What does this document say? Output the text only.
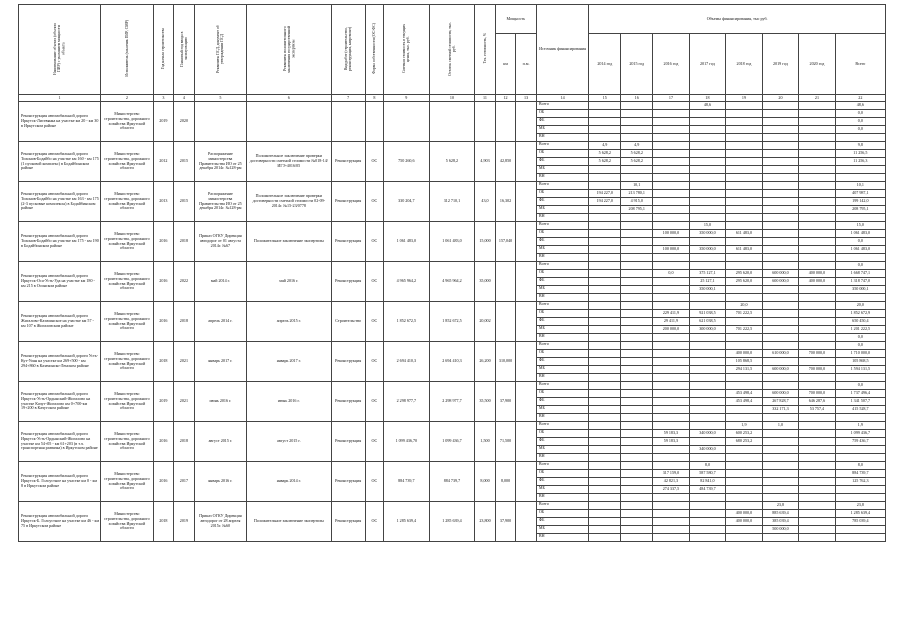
Наименование объекта (объекта ПИР) с указанием мощности объекта	Исполнитель (заказчик ПИР, СМР)	Год начала строительства	Плановый год ввода в эксплуатацию	Реквизиты ПСД, документ об утверждении ПСД	Реквизиты положительного заключения государственной экспертизы	Вид работ (строительство, реконструкция, капремонт)	Форма собственности (ОС/ФС)	Сметная стоимость в текущих ценах, тыс. руб.	Остаток сметной стоимости, тыс. руб.	Тех. готовность, %	Мощность		Источник финансирования	Объемы финансирования, тыс руб.							
											км	п.м.		2014 год	2015 год	2016 год	2017 год	2018 год	2019 год	2020 год	Всего
1	2	3	4	5	6	7	8	9	10	11	12	13	14	15	16	17	18	19	20	21	22
Реконструкция автомобильной дороги Иркутск-Листвянка на участке км 20 - км 30 в Иркутском районе	Министерство строительства, дорожного хозяйства Иркутской области	2019	2020										Всего				48,6				48,6
													ОБ								0,0
													ФБ								0,0
													МБ								0,0
													ВН								
Реконструкция автомобильной дороги Тихонов-Бодайбо на участке км 160 - км 175 (1 пусковой комплекс) в Бодайбинском районе	Министерство строительства, дорожного хозяйства Иркутской области	2012	2015	Распоряжение министерства Правительства ИО от 25 декабря 2014г. №128-рм	Положительное заключение проверки достоверности сметной стоимости №018-14/ИГЭ-4016/05	Реконструкция	ОС	750 260,6	5 628,2	4,903	42,850		Всего	4,9	4,9						9,8
													ОБ	5 628,2	5 628,2						11 256,5
													ФБ	5 628,2	5 628,2						11 256,3
													МБ								
													ВН								
Реконструкция автомобильной дороги Тихонов-Бодайбо на участке км 163 - км 175 (2-3 пусковые комплексы) в Бодайбинском районе	Министерство строительства, дорожного хозяйства Иркутской области	2013	2015	Распоряжение министерства Правительства ИО от 25 декабря 2014г. №128-рм	Положительное заключение проверки достоверности сметной стоимости 02-09-2014г. №15-23/0778	Реконструкция	ОС	330 204,7	312 710,1	43,0	16,302		Всего		10,1						10,1
													ОБ	194 227,0	213 780,1						407 987,1
													ФБ	194 227,0	4 915,0						199 142,0
													МБ		208 795,1						208 795,1
													ВН								
Реконструкция автомобильной дороги Тихонов-Бодайбо на участке км 175 - км 190 в Бодайбинском районе	Министерство строительства, дорожного хозяйства Иркутской области	2016	2018	Приказ ОГКУ Дирекция автодорог от 01 августа 2014г. №67	Положительное заключение экспертизы	Реконструкция	ОС	1 061 483,0	1 061 483,0	15,000	157,040		Всего				15,0				15,0
													ОБ			100 000,0	350 000,0	611 483,0			1 061 483,0
													ФБ								0,0
													МБ			100 000,0	350 000,0	611 483,0			1 061 483,0
													ВН								
Реконструкция автомобильной дороги Иркутск-Оса-Усть-Уда на участке км 180 - км 215 в Осинском районе	Министерство строительства, дорожного хозяйства Иркутской области	2016	2022	май 2014 г.	май 2016 г.	Реконструкция	ОС	4 965 964,2	4 965 964,2	35,000			Всего								0,0
													ОБ			0,0	375 127,1	295 620,0	600 000,0	400 000,0	1 668 747,1
													ФБ				25 127,1	295 620,0	600 000,0	400 000,0	1 318 747,0
													МБ				350 000,1				350 000,1
													ВН								
Реконструкция автомобильной дороги Жигалово-Казачинское на участке км 57 - км 107 в Жигаловском районе	Министерство строительства, дорожного хозяйства Иркутской области	2016	2018	апрель 2014 г.	апрель 2015 г.	Строительство	ОС	1 852 672,5	1 852 672,5	20,002			Всего					20,0			20,0
													ОБ			229 411,9	921 038,5	701 222,5			1 852 672,9
													ФБ			29 411,9	621 038,5				650 450,4
													МБ			200 000,0	300 000,0	701 222,5			1 201 222,5
													ВН								0,0
Реконструкция автомобильной дороги Усть-Кут-Уоян на участке км 269+500 - км 294+860 в Казачинско-Ленском районе	Министерство строительства, дорожного хозяйства Иркутской области	2018	2021	январь 2017 г.	январь 2017 г.	Реконструкция	ОС	2 694 410,3	2 694 410,3	26,200	310,000		Всего								0,0
													ОБ					400 000,0	610 000,0	700 000,0	1 710 000,0
													ФБ					105 868,5			105 868,5
													МБ					294 131,5	600 000,0	700 000,0	1 594 131,5
													ВН								
Реконструкция автомобильной дороги Иркутск-Усть-Ордынский-Жигалово на участке Качуг-Жигалово км 0+700-км 19+200 в Качугском районе	Министерство строительства, дорожного хозяйства Иркутской области	2019	2021	июнь 2016 г.	июнь 2016 г.	Реконструкция	ОС	2 298 977,7	2 298 977,7	35,500	37,900		Всего								0,0
													ОБ					453 498,4	600 000,0	700 000,0	1 737 496,4
													ФБ					453 498,4	267 828,7	646 287,6	1 341 507,7
													МБ						332 171,3	53 757,4	415 528,7
													ВН								
Реконструкция автомобильной дороги Иркутск-Усть-Ордынский-Жигалово на участке км 54+05 - км 61+203 (в т.ч. транспортная развязка) в Иркутском районе	Министерство строительства, дорожного хозяйства Иркутской области	2016	2018	август 2015 г.	август 2015 г.	Реконструкция	ОС	1 099 436,70	1 099 436,7	1,500	71,500		Всего					1,9	1,0		1,9
													ОБ			59 183,3	340 000,0	600 253,2			1 099 436,7
													ФБ			59 183,3		680 253,2			759 436,7
													МБ				340 000,0				
													ВН								
Реконструкция автомобильной дороги Иркутск-Б. Голоустное на участке км 0 - км 8 в Иркутском районе	Министерство строительства, дорожного хозяйства Иркутской области	2016	2017	январь 2016 г.	январь 2014 г.	Реконструкция	ОС	884 739,7	884 739,7	8,000	8,000		Всего				8,0				8,0
													ОБ			317 159,0	587 580,7				884 739,7
													ФБ			42 821,3	82 841,0				125 762,3
													МБ			274 337,5	484 739,7				
													ВН								
Реконструкция автомобильной дороги Иркутск-Б. Голоустное на участке км 46 - км 75 в Иркутском районе	Министерство строительства, дорожного хозяйства Иркутской области	2018	2019	Приказ ОГКУ Дирекция автодорог от 28 апреля 2015г. №60	Положительное заключение экспертизы	Реконструкция	ОС	1 285 639,4	1 285 639,4	23,800	37,900		Всего						23,8		23,8
													ОБ					400 000,0	885 639,4		1 285 639,4
													ФБ					400 000,0	385 039,4		785 039,4
													МБ						500 000,0		
													ВН								
